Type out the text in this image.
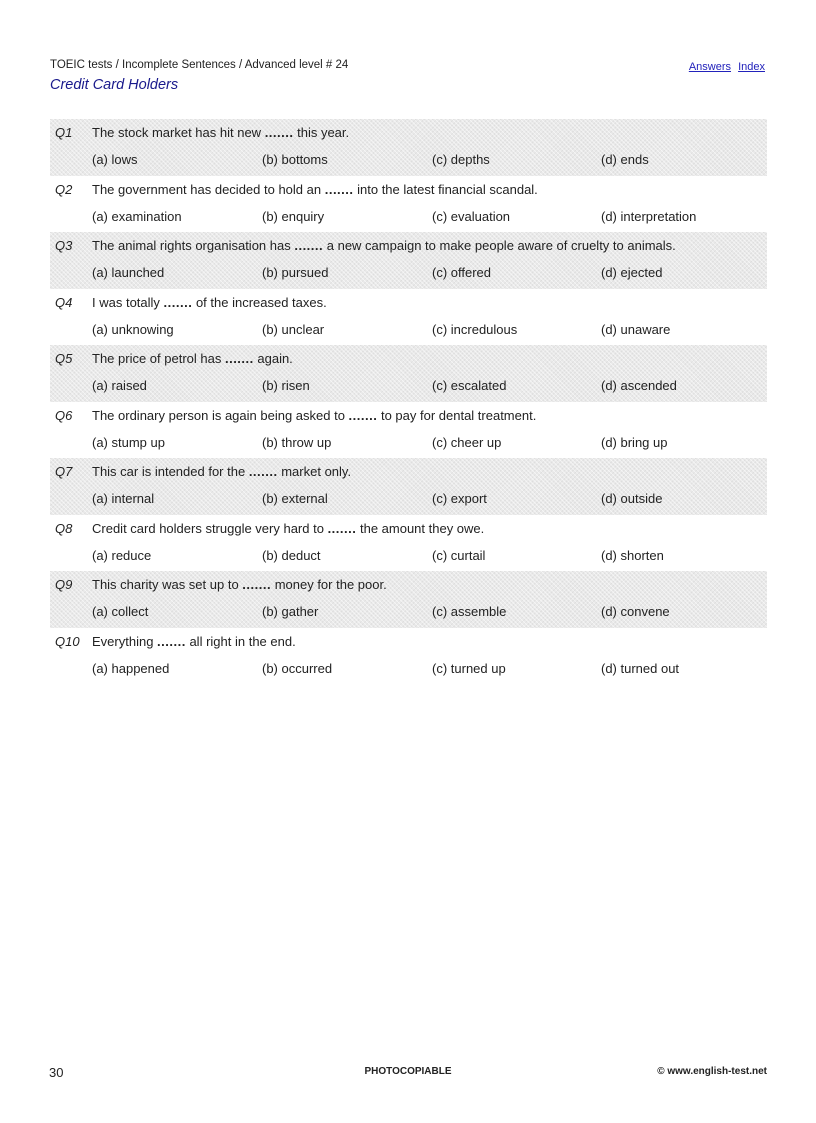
TOEIC tests / Incomplete Sentences / Advanced level # 24
Credit Card Holders
Answers Index
Q1 The stock market has hit new ....... this year.
(a) lows	(b) bottoms	(c) depths	(d) ends
Q2 The government has decided to hold an ....... into the latest financial scandal.
(a) examination	(b) enquiry	(c) evaluation	(d) interpretation
Q3 The animal rights organisation has ....... a new campaign to make people aware of cruelty to animals.
(a) launched	(b) pursued	(c) offered	(d) ejected
Q4 I was totally ....... of the increased taxes.
(a) unknowing	(b) unclear	(c) incredulous	(d) unaware
Q5 The price of petrol has ....... again.
(a) raised	(b) risen	(c) escalated	(d) ascended
Q6 The ordinary person is again being asked to ....... to pay for dental treatment.
(a) stump up	(b) throw up	(c) cheer up	(d) bring up
Q7 This car is intended for the ....... market only.
(a) internal	(b) external	(c) export	(d) outside
Q8 Credit card holders struggle very hard to ....... the amount they owe.
(a) reduce	(b) deduct	(c) curtail	(d) shorten
Q9 This charity was set up to ....... money for the poor.
(a) collect	(b) gather	(c) assemble	(d) convene
Q10 Everything ....... all right in the end.
(a) happened	(b) occurred	(c) turned up	(d) turned out
30	PHOTOCOPIABLE	© www.english-test.net
